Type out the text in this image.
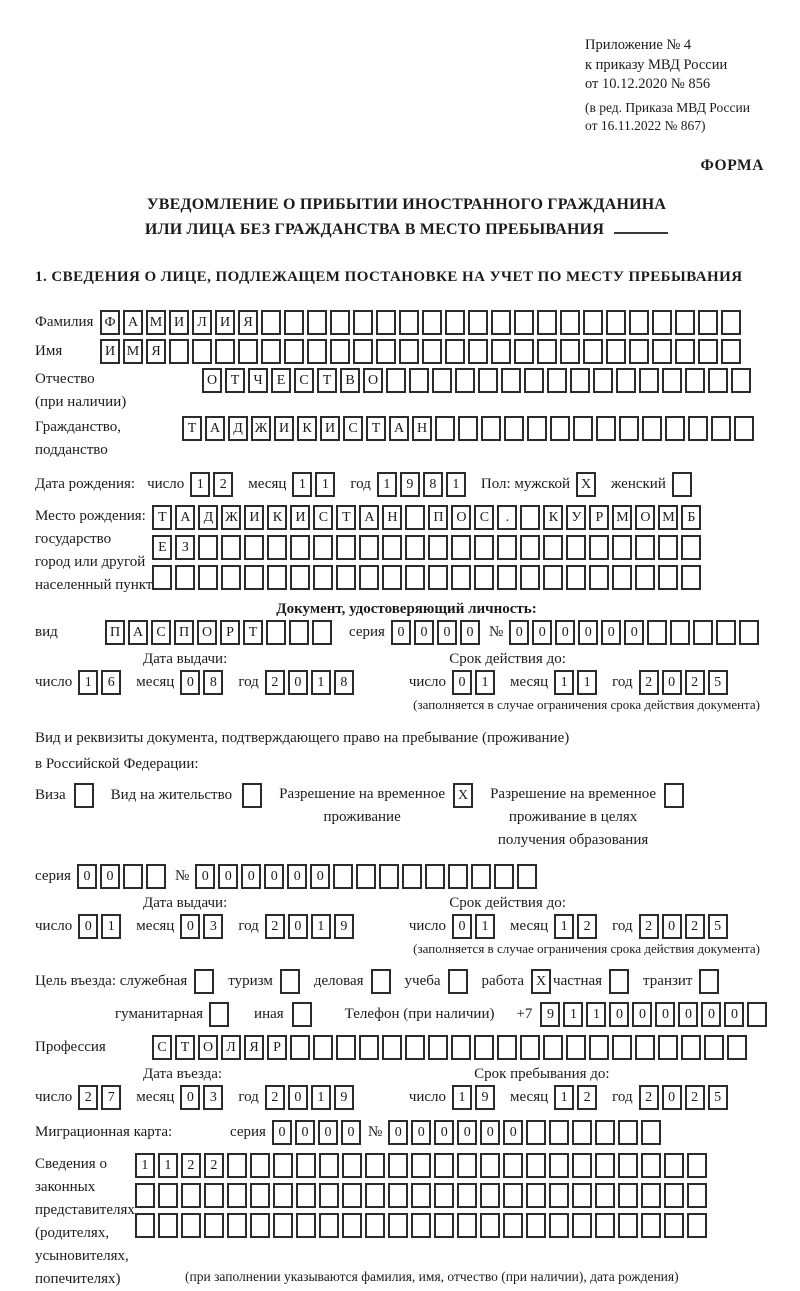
Приложение № 4
к приказу МВД России
от 10.12.2020 № 856
(в ред. Приказа МВД России
от 16.11.2022 № 867)
ФОРМА
УВЕДОМЛЕНИЕ О ПРИБЫТИИ ИНОСТРАННОГО ГРАЖДАНИНА
ИЛИ ЛИЦА БЕЗ ГРАЖДАНСТВА В МЕСТО ПРЕБЫВАНИЯ
1. СВЕДЕНИЯ О ЛИЦЕ, ПОДЛЕЖАЩЕМ ПОСТАНОВКЕ НА УЧЕТ ПО МЕСТУ ПРЕБЫВАНИЯ
Фамилия Ф А М И Л И Я
Имя	И М Я
Отчество
(при наличии)
О Т	Ч	Е	С	Т	В О
Гражданство,
подданство
Т А Д Ж И К И С	Т А Н
Дата рождения: число 1	2	месяц 1	1	год 1	9	8	1	Пол: мужской X	женский
Место рождения:
государство
город или другой
населенный пункт
Т А Д Ж И К И С	Т А Н	П О С	.	К У	Р М О М Б

Е	З

Документ, удостоверяющий личность:
вид	П А С П О	Р	Т	серия 0	0	0	0	№ 0	0	0	0	0	0
Дата выдачи:	Срок действия до:
число 1	6	месяц 0	8	год 2	0	1	8	число 0	1	месяц 1	1	год 2	0	2	5
(заполняется в случае ограничения срока действия документа)
Вид и реквизиты документа, подтверждающего право на пребывание (проживание)
в Российской Федерации:
Виза	Вид на жительство	Разрешение на временное
проживание
X	Разрешение на временное
проживание в целях
получения образования
серия 0	0	№ 0	0	0	0	0	0
Дата выдачи:	Срок действия до:
число 0	1	месяц 0	3	год 2	0	1	9	число 0	1	месяц 1	2	год 2	0	2	5
(заполняется в случае ограничения срока действия документа)
Цель въезда: служебная	туризм	деловая	учеба	работа X частная	транзит
гуманитарная	иная	Телефон (при наличии) +7	9	1	1	0	0	0	0	0	0
Профессия	С	Т О Л Я	Р
Дата въезда:	Срок пребывания до:
число 2	7	месяц 0	3	год 2	0	1	9	число 1	9	месяц 1	2	год 2	0	2	5
Миграционная карта:	серия 0	0	0	0 № 0	0	0	0	0	0
Сведения о
законных
представителях
(родителях,
усыновителях,
попечителях)
1	1	2	2

(при заполнении указываются фамилия, имя, отчество (при наличии), дата рождения)
